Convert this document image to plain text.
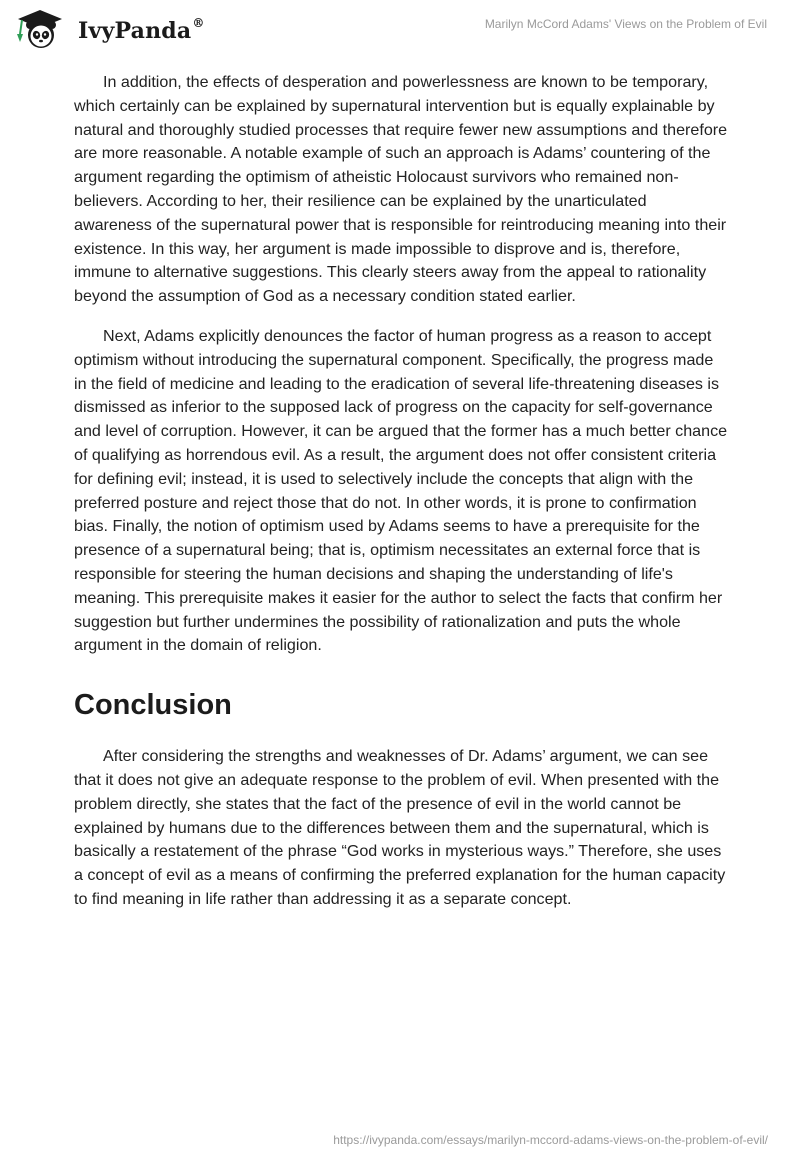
IvyPanda®	Marilyn McCord Adams' Views on the Problem of Evil

In addition, the effects of desperation and powerlessness are known to be temporary, which certainly can be explained by supernatural intervention but is equally explainable by natural and thoroughly studied processes that require fewer new assumptions and therefore are more reasonable. A notable example of such an approach is Adams’ countering of the argument regarding the optimism of atheistic Holocaust survivors who remained non-believers. According to her, their resilience can be explained by the unarticulated awareness of the supernatural power that is responsible for reintroducing meaning into their existence. In this way, her argument is made impossible to disprove and is, therefore, immune to alternative suggestions. This clearly steers away from the appeal to rationality beyond the assumption of God as a necessary condition stated earlier.

Next, Adams explicitly denounces the factor of human progress as a reason to accept optimism without introducing the supernatural component. Specifically, the progress made in the field of medicine and leading to the eradication of several life-threatening diseases is dismissed as inferior to the supposed lack of progress on the capacity for self-governance and level of corruption. However, it can be argued that the former has a much better chance of qualifying as horrendous evil. As a result, the argument does not offer consistent criteria for defining evil; instead, it is used to selectively include the concepts that align with the preferred posture and reject those that do not. In other words, it is prone to confirmation bias. Finally, the notion of optimism used by Adams seems to have a prerequisite for the presence of a supernatural being; that is, optimism necessitates an external force that is responsible for steering the human decisions and shaping the understanding of life's meaning. This prerequisite makes it easier for the author to select the facts that confirm her suggestion but further undermines the possibility of rationalization and puts the whole argument in the domain of religion.

Conclusion

After considering the strengths and weaknesses of Dr. Adams’ argument, we can see that it does not give an adequate response to the problem of evil. When presented with the problem directly, she states that the fact of the presence of evil in the world cannot be explained by humans due to the differences between them and the supernatural, which is basically a restatement of the phrase “God works in mysterious ways.” Therefore, she uses a concept of evil as a means of confirming the preferred explanation for the human capacity to find meaning in life rather than addressing it as a separate concept.

https://ivypanda.com/essays/marilyn-mccord-adams-views-on-the-problem-of-evil/
